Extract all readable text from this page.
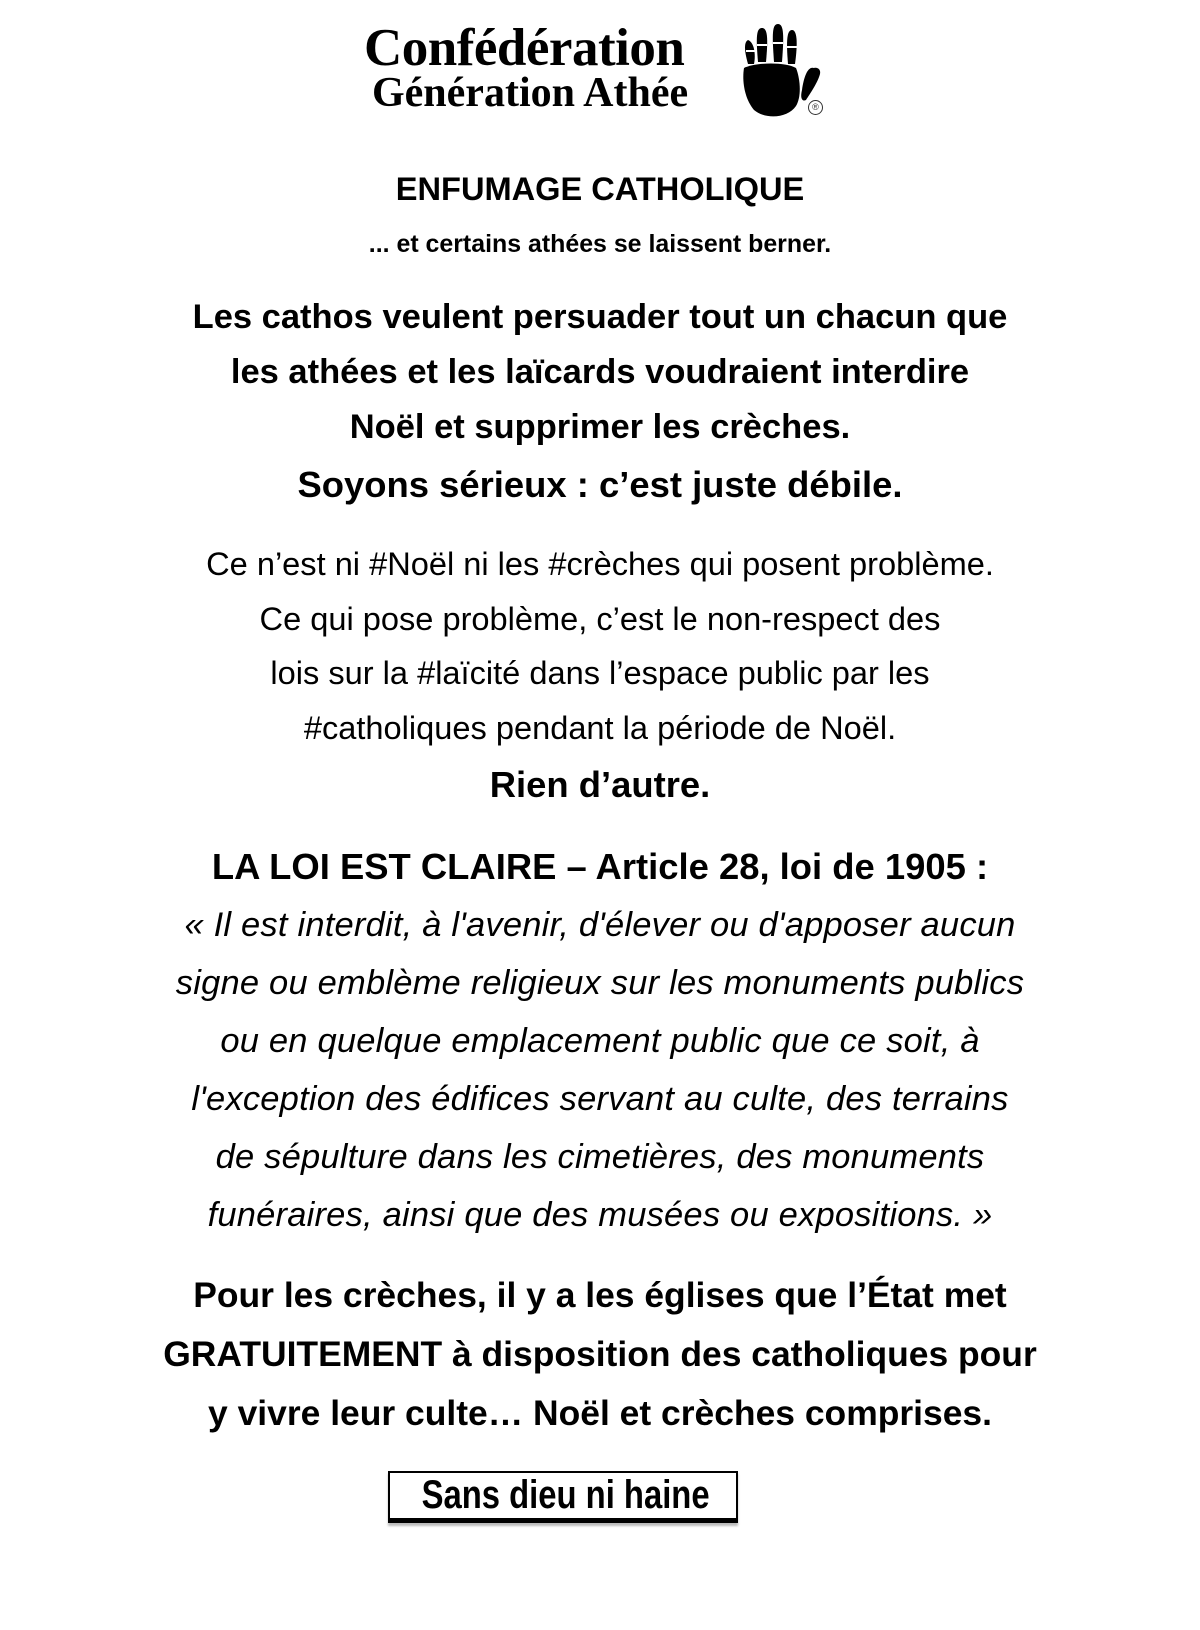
Confédération
Génération Athée	®
ENFUMAGE CATHOLIQUE
... et certains athées se laissent berner.
Les cathos veulent persuader tout un chacun que
les athées et les laïcards voudraient interdire
Noël et supprimer les crèches.
Soyons sérieux : c’est juste débile.
Ce n’est ni #Noël ni les #crèches qui posent problème.
Ce qui pose problème, c’est le non-respect des
lois sur la #laïcité dans l’espace public par les
#catholiques pendant la période de Noël.
Rien d’autre.
LA LOI EST CLAIRE – Article 28, loi de 1905 :
« Il est interdit, à l'avenir, d'élever ou d'apposer aucun
signe ou emblème religieux sur les monuments publics
ou en quelque emplacement public que ce soit, à
l'exception des édifices servant au culte, des terrains
de sépulture dans les cimetières, des monuments
funéraires, ainsi que des musées ou expositions. »
Pour les crèches, il y a les églises que l’État met
GRATUITEMENT à disposition des catholiques pour
y vivre leur culte… Noël et crèches comprises.
Sans dieu ni haine
